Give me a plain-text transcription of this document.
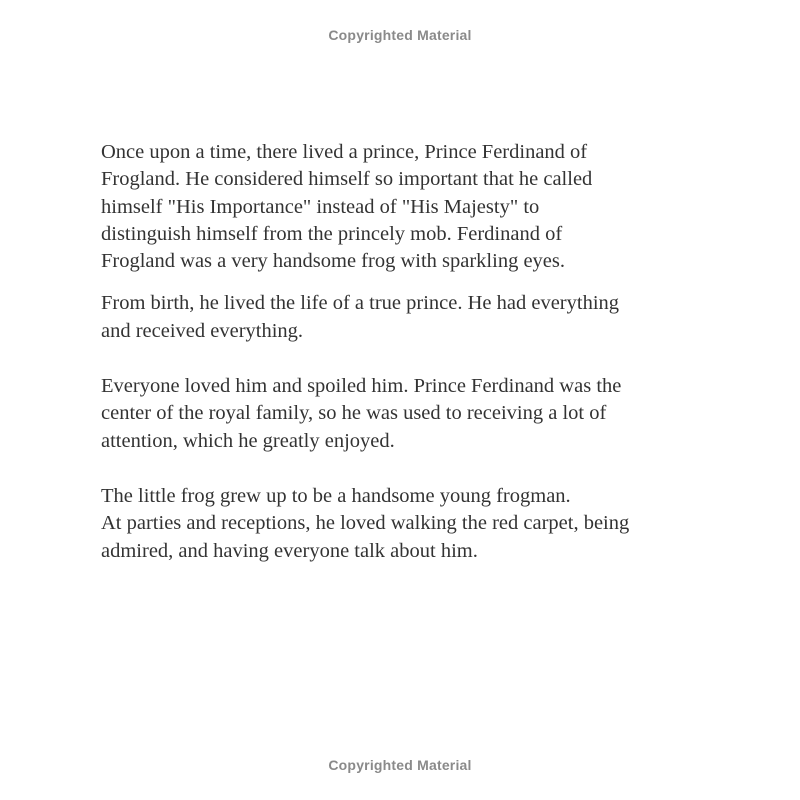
Copyrighted Material

Once upon a time, there lived a prince, Prince Ferdinand of
Frogland. He considered himself so important that he called
himself "His Importance" instead of "His Majesty" to
distinguish himself from the princely mob. Ferdinand of
Frogland was a very handsome frog with sparkling eyes.

From birth, he lived the life of a true prince. He had everything
and received everything.

Everyone loved him and spoiled him. Prince Ferdinand was the
center of the royal family, so he was used to receiving a lot of
attention, which he greatly enjoyed.

The little frog grew up to be a handsome young frogman.
At parties and receptions, he loved walking the red carpet, being
admired, and having everyone talk about him.

Copyrighted Material
